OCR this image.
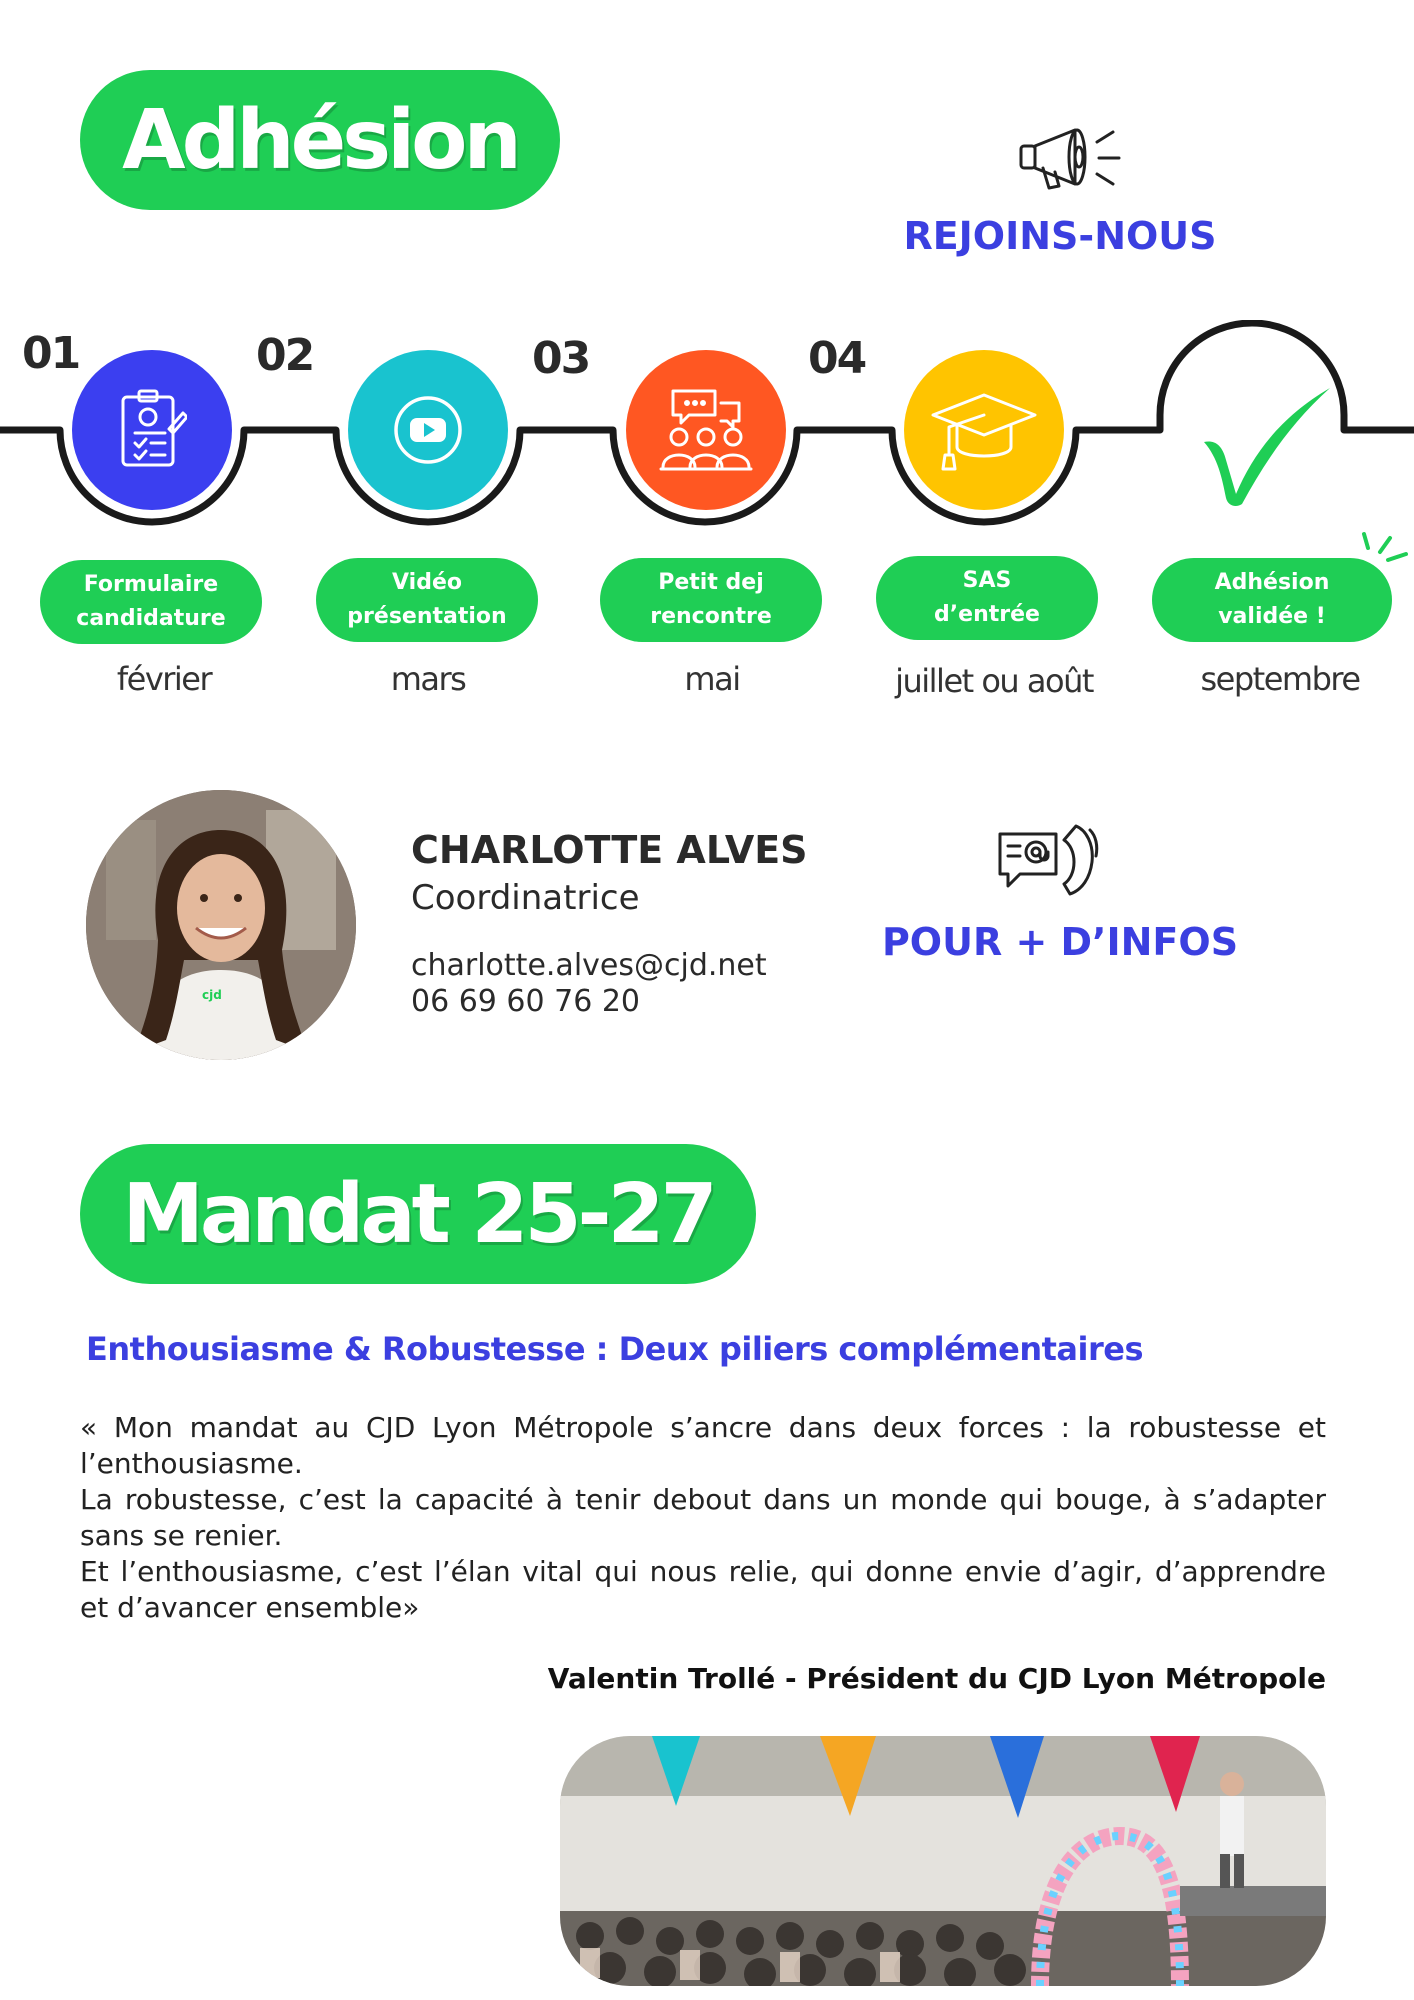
Adhésion
REJOINS-NOUS
01	02	03	04
Formulaire
candidature
Vidéo
présentation
Petit dej
rencontre
SAS
d’entrée
Adhésion
validée !
février	mars	mai	juillet ou août	septembre
cjd
CHARLOTTE ALVES
Coordinatrice
charlotte.alves@cjd.net
06 69 60 76 20
POUR + D’INFOS
Mandat 25-27
Enthousiasme & Robustesse : Deux piliers complémentaires

« Mon mandat au CJD Lyon Métropole s’ancre dans deux forces : la robustesse et l’enthousiasme.

La robustesse, c’est la capacité à tenir debout dans un monde qui bouge, à s’adapter sans se renier.

Et l’enthousiasme, c’est l’élan vital qui nous relie, qui donne envie d’agir, d’apprendre et d’avancer ensemble»

Valentin Trollé - Président du CJD Lyon Métropole
